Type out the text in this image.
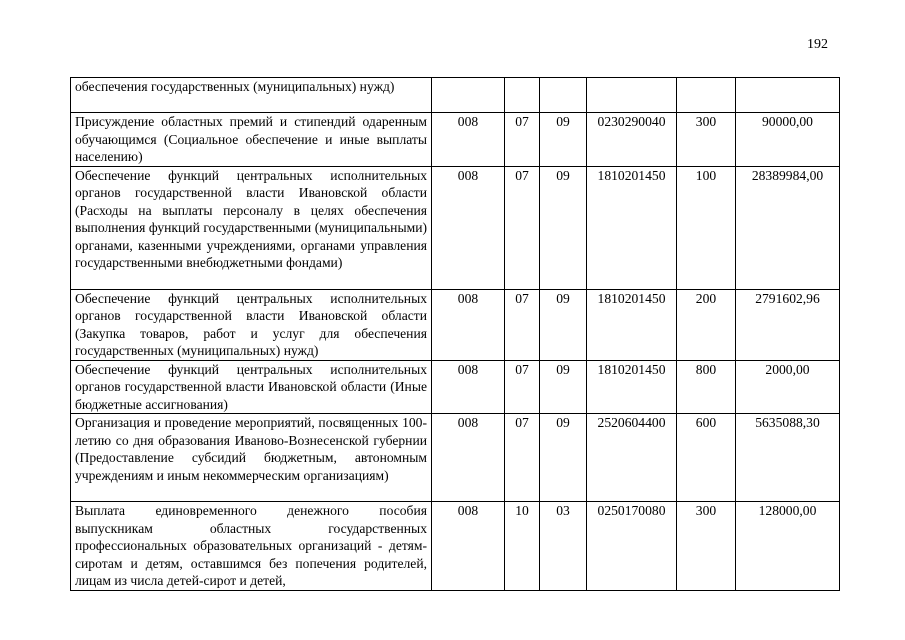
192
обеспечения государственных (муниципальных) нужд)						
Присуждение областных премий и стипендий одаренным обучающимся (Социальное обеспечение и иные выплаты населению)	008	07	09	0230290040	300	90000,00
Обеспечение функций центральных исполнительных органов государственной власти Ивановской области (Расходы на выплаты персоналу в целях обеспечения выполнения функций государственными (муниципальными) органами, казенными учреждениями, органами управления государственными внебюджетными фондами)	008	07	09	1810201450	100	28389984,00
Обеспечение функций центральных исполнительных органов государственной власти Ивановской области (Закупка товаров, работ и услуг для обеспечения государственных (муниципальных) нужд)	008	07	09	1810201450	200	2791602,96
Обеспечение функций центральных исполнительных органов государственной власти Ивановской области (Иные бюджетные ассигнования)	008	07	09	1810201450	800	2000,00
Организация и проведение мероприятий, посвященных 100-летию со дня образования Иваново-Вознесенской губернии (Предоставление субсидий бюджетным, автономным учреждениям и иным некоммерческим организациям)	008	07	09	2520604400	600	5635088,30
Выплата единовременного денежного пособия выпускникам областных государственных профессиональных образовательных организаций - детям-сиротам и детям, оставшимся без попечения родителей, лицам из числа детей-сирот и детей,	008	10	03	0250170080	300	128000,00
